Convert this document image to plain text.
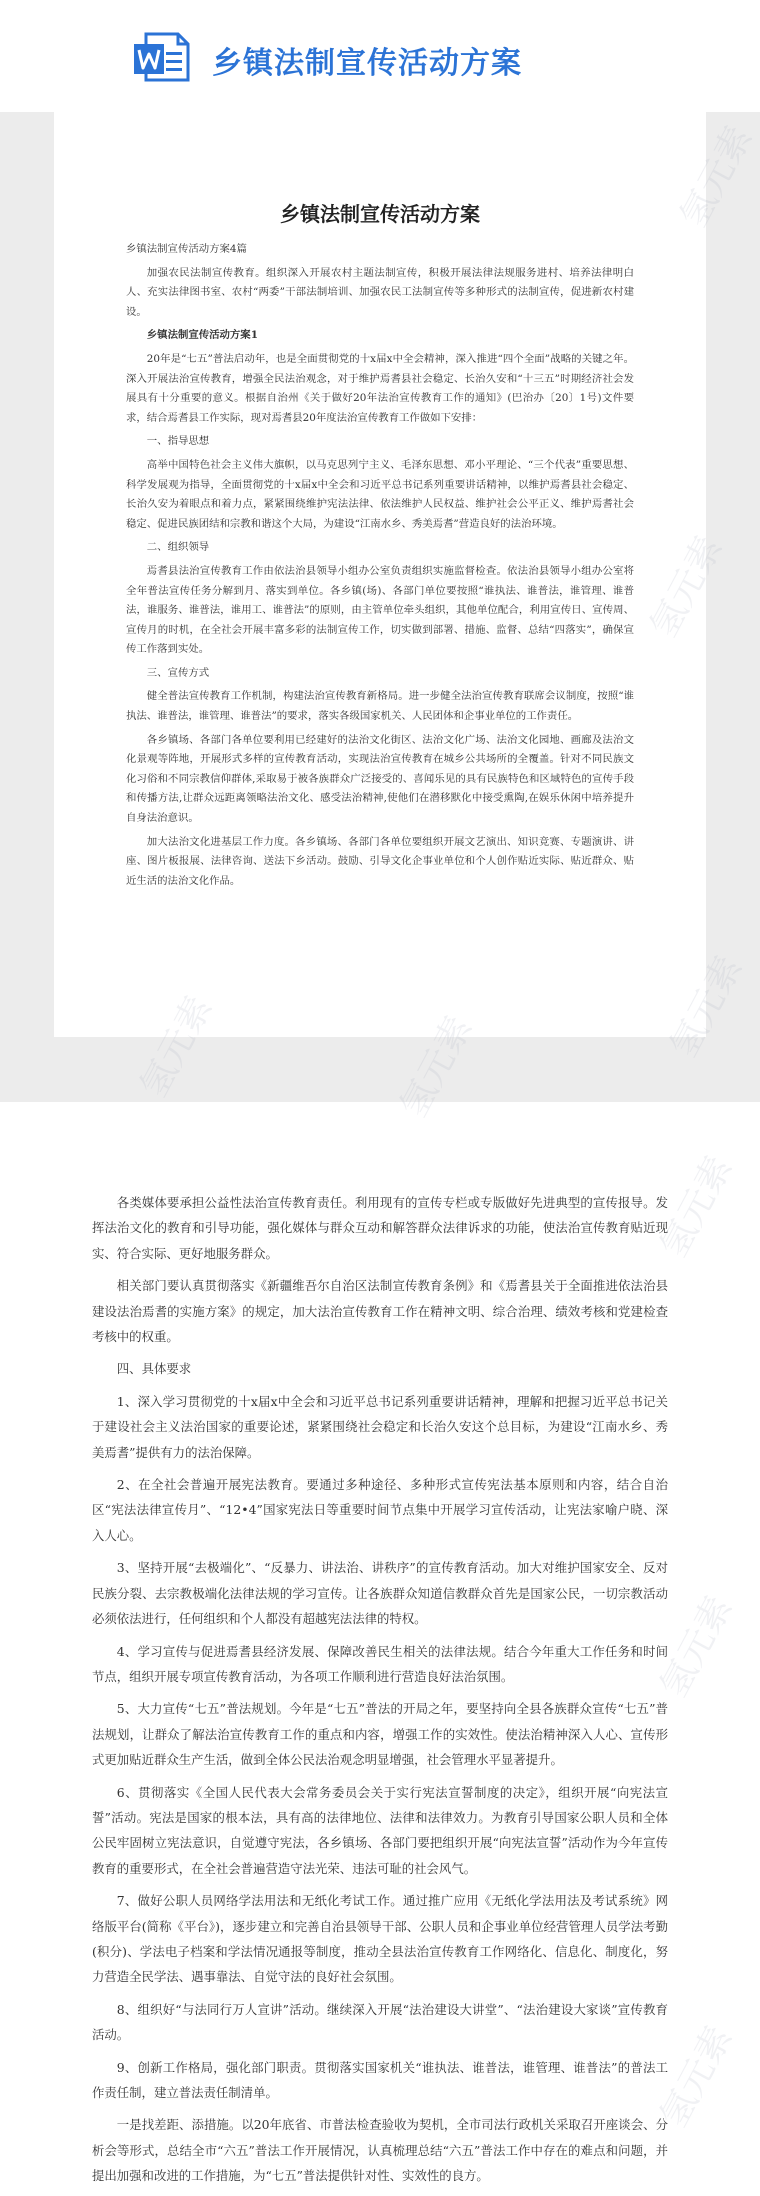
乡镇法制宣传活动方案
乡镇法制宣传活动方案

乡镇法制宣传活动方案4篇

加强农民法制宣传教育。组织深入开展农村主题法制宣传，积极开展法律法规服务进村、培养法律明白人、充实法律图书室、农村“两委”干部法制培训、加强农民工法制宣传等多种形式的法制宣传，促进新农村建设。

乡镇法制宣传活动方案1

20年是“七五”普法启动年，也是全面贯彻党的十x届x中全会精神，深入推进“四个全面”战略的关键之年。深入开展法治宣传教育，增强全民法治观念，对于维护焉耆县社会稳定、长治久安和“十三五”时期经济社会发展具有十分重要的意义。根据自治州《关于做好20年法治宣传教育工作的通知》(巴治办〔20〕1号)文件要求，结合焉耆县工作实际，现对焉耆县20年度法治宣传教育工作做如下安排：

一、指导思想

高举中国特色社会主义伟大旗帜，以马克思列宁主义、毛泽东思想、邓小平理论、“三个代表”重要思想、科学发展观为指导，全面贯彻党的十x届x中全会和习近平总书记系列重要讲话精神，以维护焉耆县社会稳定、长治久安为着眼点和着力点，紧紧围绕维护宪法法律、依法维护人民权益、维护社会公平正义、维护焉耆社会稳定、促进民族团结和宗教和谐这个大局，为建设“江南水乡、秀美焉耆”营造良好的法治环境。

二、组织领导

焉耆县法治宣传教育工作由依法治县领导小组办公室负责组织实施监督检查。依法治县领导小组办公室将全年普法宣传任务分解到月、落实到单位。各乡镇(场)、各部门单位要按照“谁执法、谁普法，谁管理、谁普法，谁服务、谁普法，谁用工、谁普法”的原则，由主管单位牵头组织，其他单位配合，利用宣传日、宣传周、宣传月的时机，在全社会开展丰富多彩的法制宣传工作，切实做到部署、措施、监督、总结“四落实”，确保宣传工作落到实处。

三、宣传方式

健全普法宣传教育工作机制，构建法治宣传教育新格局。进一步健全法治宣传教育联席会议制度，按照“谁执法、谁普法，谁管理、谁普法”的要求，落实各级国家机关、人民团体和企事业单位的工作责任。

各乡镇场、各部门各单位要利用已经建好的法治文化街区、法治文化广场、法治文化园地、画廊及法治文化景观等阵地，开展形式多样的宣传教育活动，实现法治宣传教育在城乡公共场所的全覆盖。针对不同民族文化习俗和不同宗教信仰群体,采取易于被各族群众广泛接受的、喜闻乐见的具有民族特色和区域特色的宣传手段和传播方法,让群众远距离领略法治文化、感受法治精神,使他们在潜移默化中接受熏陶,在娱乐休闲中培养提升自身法治意识。

加大法治文化进基层工作力度。各乡镇场、各部门各单位要组织开展文艺演出、知识竞赛、专题演讲、讲座、图片板报展、法律咨询、送法下乡活动。鼓励、引导文化企事业单位和个人创作贴近实际、贴近群众、贴近生活的法治文化作品。

各类媒体要承担公益性法治宣传教育责任。利用现有的宣传专栏或专版做好先进典型的宣传报导。发挥法治文化的教育和引导功能，强化媒体与群众互动和解答群众法律诉求的功能，使法治宣传教育贴近现实、符合实际、更好地服务群众。

相关部门要认真贯彻落实《新疆维吾尔自治区法制宣传教育条例》和《焉耆县关于全面推进依法治县建设法治焉耆的实施方案》的规定，加大法治宣传教育工作在精神文明、综合治理、绩效考核和党建检查考核中的权重。

四、具体要求

1、深入学习贯彻党的十x届x中全会和习近平总书记系列重要讲话精神，理解和把握习近平总书记关于建设社会主义法治国家的重要论述，紧紧围绕社会稳定和长治久安这个总目标，为建设“江南水乡、秀美焉耆”提供有力的法治保障。

2、在全社会普遍开展宪法教育。要通过多种途径、多种形式宣传宪法基本原则和内容，结合自治区“宪法法律宣传月”、“12•4”国家宪法日等重要时间节点集中开展学习宣传活动，让宪法家喻户晓、深入人心。

3、坚持开展“去极端化”、“反暴力、讲法治、讲秩序”的宣传教育活动。加大对维护国家安全、反对民族分裂、去宗教极端化法律法规的学习宣传。让各族群众知道信教群众首先是国家公民，一切宗教活动必须依法进行，任何组织和个人都没有超越宪法法律的特权。

4、学习宣传与促进焉耆县经济发展、保障改善民生相关的法律法规。结合今年重大工作任务和时间节点，组织开展专项宣传教育活动，为各项工作顺利进行营造良好法治氛围。

5、大力宣传“七五”普法规划。今年是“七五”普法的开局之年，要坚持向全县各族群众宣传“七五”普法规划，让群众了解法治宣传教育工作的重点和内容，增强工作的实效性。使法治精神深入人心、宣传形式更加贴近群众生产生活，做到全体公民法治观念明显增强，社会管理水平显著提升。

6、贯彻落实《全国人民代表大会常务委员会关于实行宪法宣誓制度的决定》，组织开展“向宪法宣誓”活动。宪法是国家的根本法，具有高的法律地位、法律和法律效力。为教育引导国家公职人员和全体公民牢固树立宪法意识，自觉遵守宪法，各乡镇场、各部门要把组织开展“向宪法宣誓”活动作为今年宣传教育的重要形式，在全社会普遍营造守法光荣、违法可耻的社会风气。

7、做好公职人员网络学法用法和无纸化考试工作。通过推广应用《无纸化学法用法及考试系统》网络版平台(简称《平台》)，逐步建立和完善自治县领导干部、公职人员和企事业单位经营管理人员学法考勤(积分)、学法电子档案和学法情况通报等制度，推动全县法治宣传教育工作网络化、信息化、制度化，努力营造全民学法、遇事靠法、自觉守法的良好社会氛围。

8、组织好“与法同行万人宣讲”活动。继续深入开展“法治建设大讲堂”、“法治建设大家谈”宣传教育活动。

9、创新工作格局，强化部门职责。贯彻落实国家机关“谁执法、谁普法，谁管理、谁普法”的普法工作责任制，建立普法责任制清单。

一是找差距、添措施。以20年底省、市普法检查验收为契机，全市司法行政机关采取召开座谈会、分析会等形式，总结全市“六五”普法工作开展情况，认真梳理总结“六五”普法工作中存在的难点和问题，并提出加强和改进的工作措施，为“七五”普法提供针对性、实效性的良方。
